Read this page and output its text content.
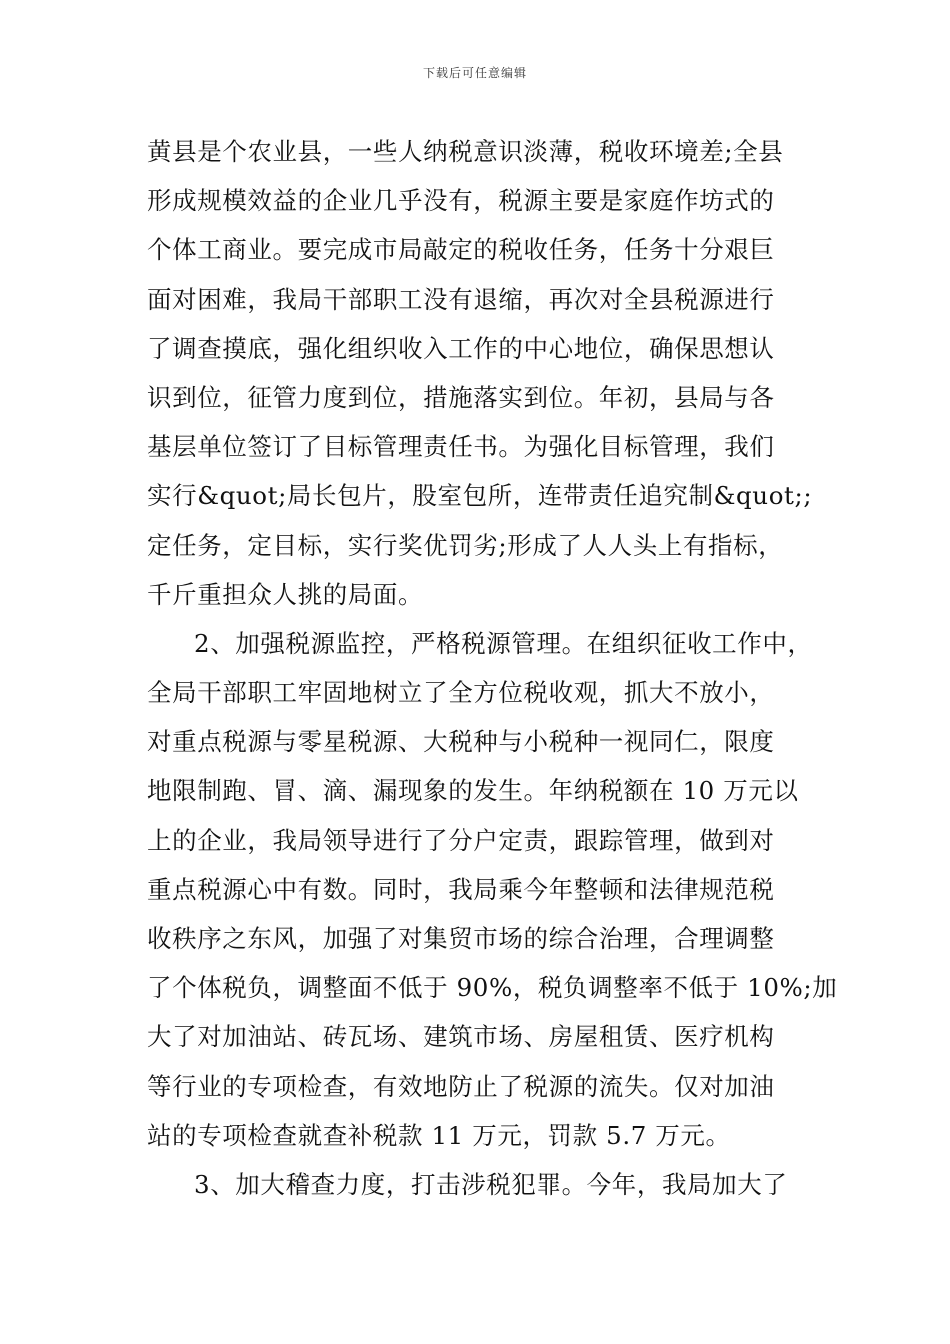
下载后可任意编辑
黄县是个农业县，一些人纳税意识淡薄，税收环境差;全县
形成规模效益的企业几乎没有，税源主要是家庭作坊式的
个体工商业。要完成市局敲定的税收任务，任务十分艰巨
面对困难，我局干部职工没有退缩，再次对全县税源进行
了调查摸底，强化组织收入工作的中心地位，确保思想认
识到位，征管力度到位，措施落实到位。年初，县局与各
基层单位签订了目标管理责任书。为强化目标管理，我们
实行&quot;局长包片，股室包所，连带责任追究制&quot;;
定任务，定目标，实行奖优罚劣;形成了人人头上有指标，
千斤重担众人挑的局面。
2、加强税源监控，严格税源管理。在组织征收工作中，
全局干部职工牢固地树立了全方位税收观，抓大不放小，
对重点税源与零星税源、大税种与小税种一视同仁，限度
地限制跑、冒、滴、漏现象的发生。年纳税额在 10 万元以
上的企业，我局领导进行了分户定责，跟踪管理，做到对
重点税源心中有数。同时，我局乘今年整顿和法律规范税
收秩序之东风，加强了对集贸市场的综合治理，合理调整
了个体税负，调整面不低于 90%，税负调整率不低于 10%;加
大了对加油站、砖瓦场、建筑市场、房屋租赁、医疗机构
等行业的专项检查，有效地防止了税源的流失。仅对加油
站的专项检查就查补税款 11 万元，罚款 5.7 万元。
3、加大稽查力度，打击涉税犯罪。今年，我局加大了
